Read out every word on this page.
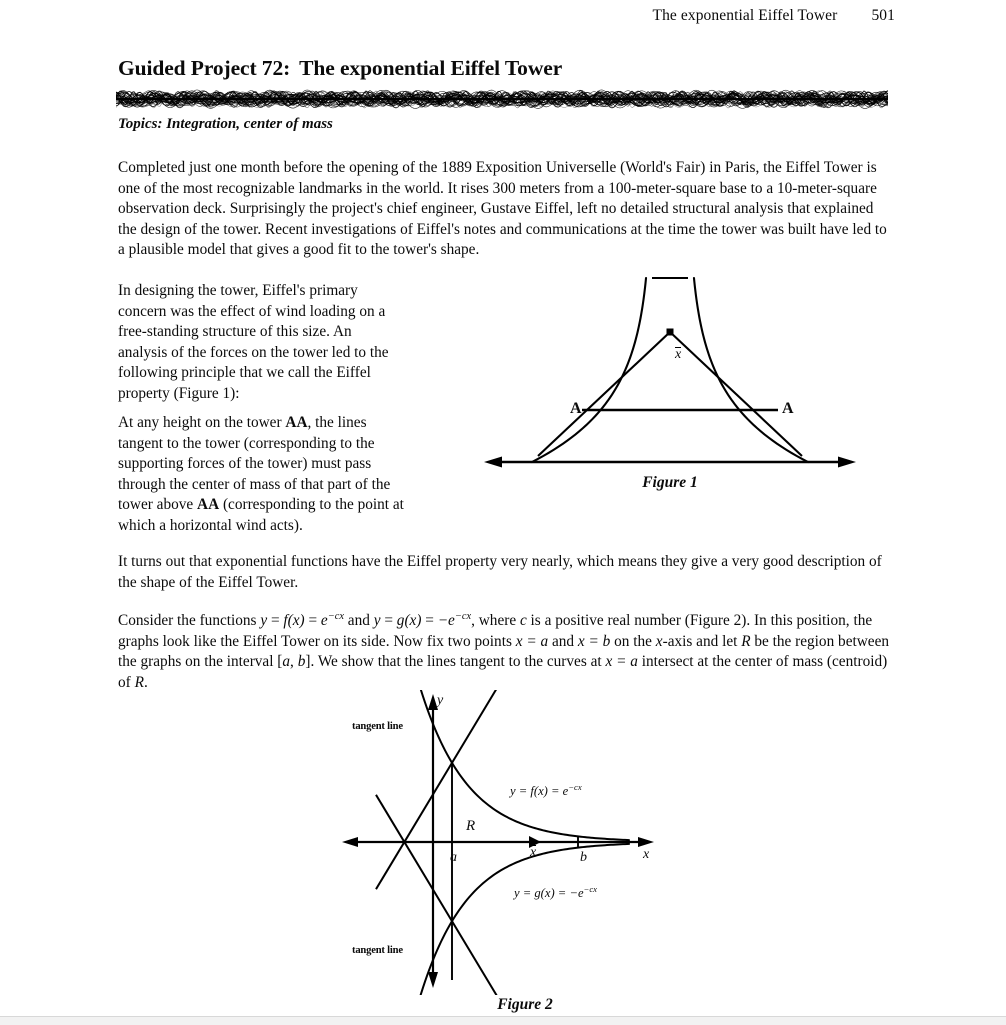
The exponential Eiffel Tower 501
Guided Project 72: The exponential Eiffel Tower
Topics: Integration, center of mass
Completed just one month before the opening of the 1889 Exposition Universelle (World's Fair) in Paris, the Eiffel Tower is one of the most recognizable landmarks in the world. It rises 300 meters from a 100-meter-square base to a 10-meter-square observation deck. Surprisingly the project's chief engineer, Gustave Eiffel, left no detailed structural analysis that explained the design of the tower. Recent investigations of Eiffel's notes and communications at the time the tower was built have led to a plausible model that gives a good fit to the tower's shape.
In designing the tower, Eiffel's primary concern was the effect of wind loading on a free-standing structure of this size. An analysis of the forces on the tower led to the following principle that we call the Eiffel property (Figure 1):
At any height on the tower AA, the lines tangent to the tower (corresponding to the supporting forces of the tower) must pass through the center of mass of that part of the tower above AA (corresponding to the point at which a horizontal wind acts).
It turns out that exponential functions have the Eiffel property very nearly, which means they give a very good description of the shape of the Eiffel Tower.
Consider the functions $y = f(x) = e^{-cx}$ and $y = g(x) = -e^{-cx}$, where c is a positive real number (Figure 2). In this position, the graphs look like the Eiffel Tower on its side. Now fix two points x = a and x = b on the x-axis and let R be the region between the graphs on the interval [a, b]. We show that the lines tangent to the curves at x = a intersect at the center of mass (centroid) of R.
x
A	A
Figure 1
tangent line
tangent line
$y = f(x) = e^{-cx}$
$y = g(x) = -e^{-cx}$
R
a	b
x	x
y
Figure 2
